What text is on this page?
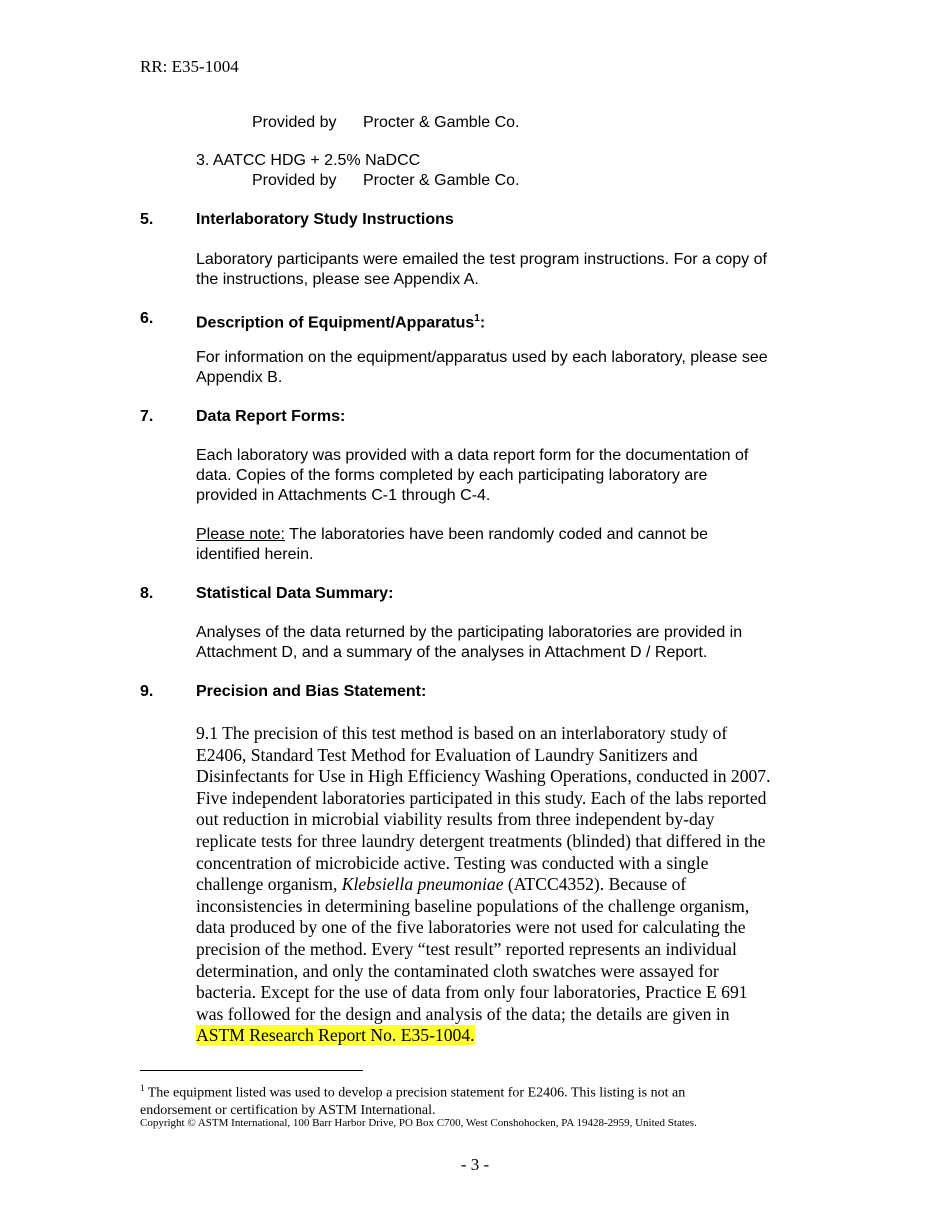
RR: E35-1004
Provided by Procter & Gamble Co.
3. AATCC HDG + 2.5% NaDCC
Provided by Procter & Gamble Co.
5.	Interlaboratory Study Instructions
Laboratory participants were emailed the test program instructions. For a copy of
the instructions, please see Appendix A.
6.	Description of Equipment/Apparatus$^1$:
For information on the equipment/apparatus used by each laboratory, please see
Appendix B.
7.	Data Report Forms:
Each laboratory was provided with a data report form for the documentation of
data. Copies of the forms completed by each participating laboratory are
provided in Attachments C-1 through C-4.
Please note: The laboratories have been randomly coded and cannot be
identified herein.
8.	Statistical Data Summary:
Analyses of the data returned by the participating laboratories are provided in
Attachment D, and a summary of the analyses in Attachment D / Report.
9.	Precision and Bias Statement:
9.1 The precision of this test method is based on an interlaboratory study of
E2406, Standard Test Method for Evaluation of Laundry Sanitizers and
Disinfectants for Use in High Efficiency Washing Operations, conducted in 2007.
Five independent laboratories participated in this study. Each of the labs reported
out reduction in microbial viability results from three independent by-day
replicate tests for three laundry detergent treatments (blinded) that differed in the
concentration of microbicide active. Testing was conducted with a single
challenge organism, Klebsiella pneumoniae (ATCC4352). Because of
inconsistencies in determining baseline populations of the challenge organism,
data produced by one of the five laboratories were not used for calculating the
precision of the method. Every “test result” reported represents an individual
determination, and only the contaminated cloth swatches were assayed for
bacteria. Except for the use of data from only four laboratories, Practice E 691
was followed for the design and analysis of the data; the details are given in
ASTM Research Report No. E35-1004.
$^1$ The equipment listed was used to develop a precision statement for E2406. This listing is not an
endorsement or certification by ASTM International.
Copyright © ASTM International, 100 Barr Harbor Drive, PO Box C700, West Conshohocken, PA 19428-2959, United States.
- 3 -
